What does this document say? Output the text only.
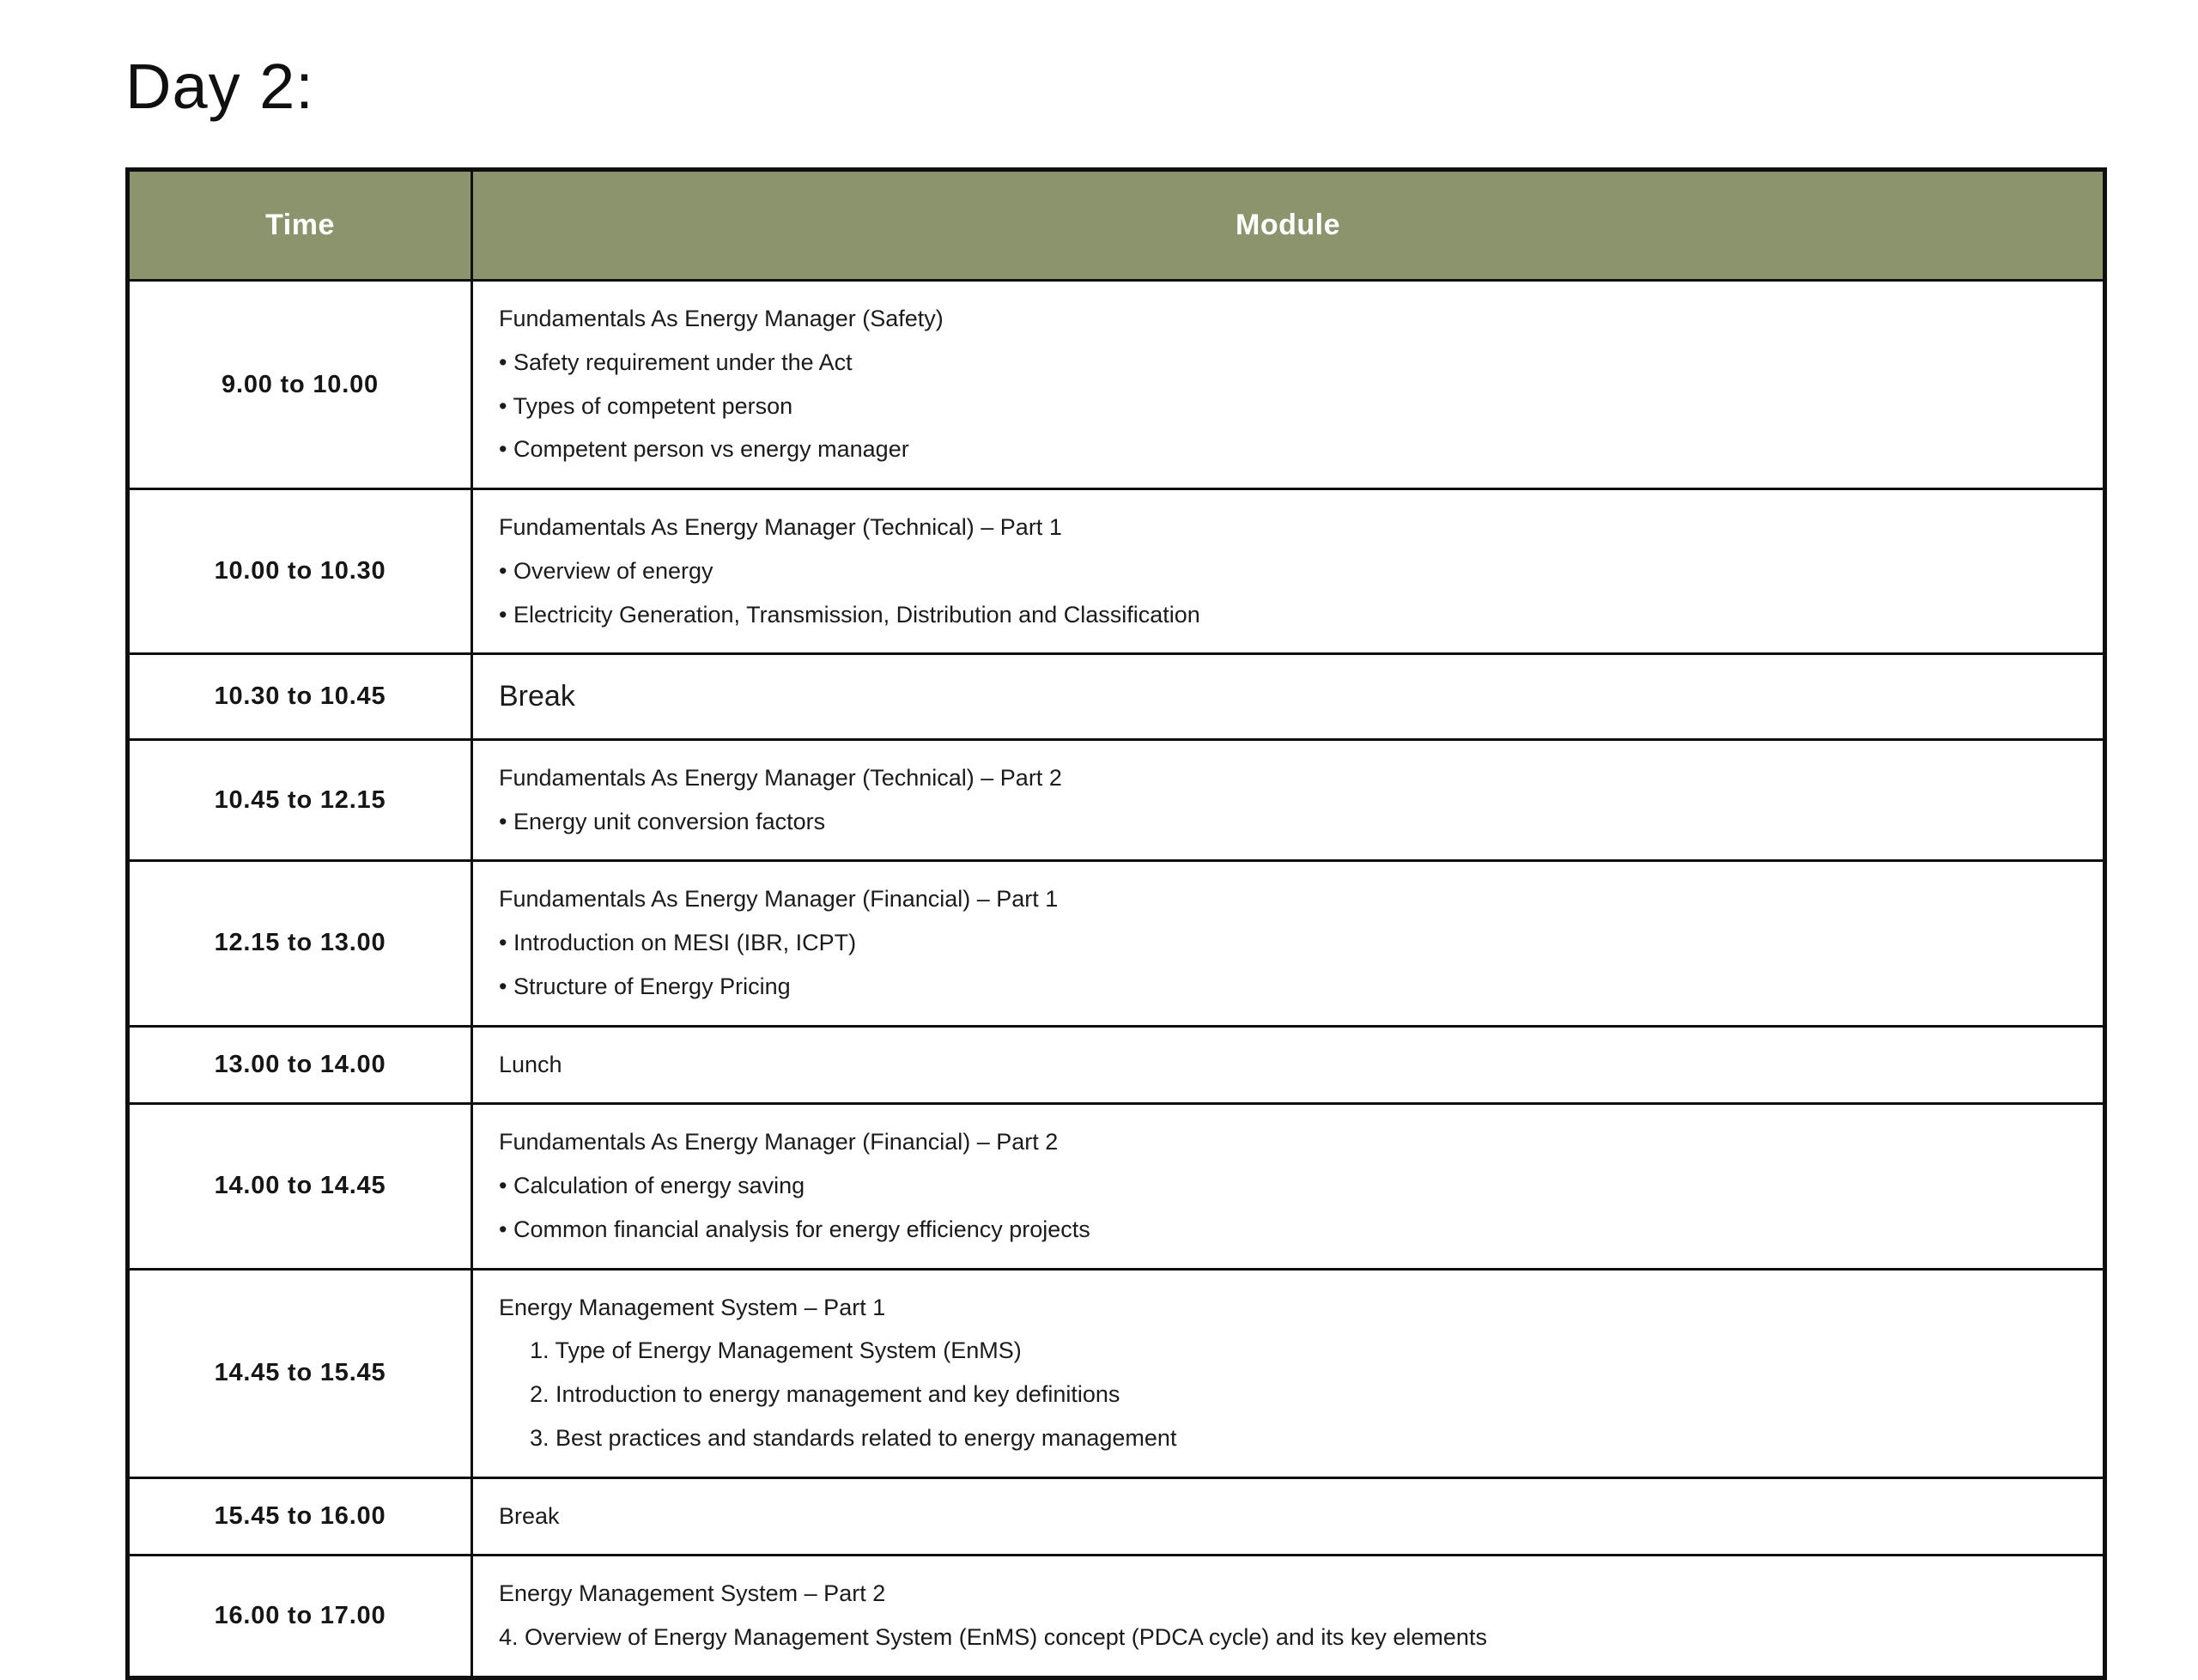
Day 2:
Time	Module
9.00 to 10.00	Fundamentals As Energy Manager (Safety)
• Safety requirement under the Act
• Types of competent person
• Competent person vs energy manager

10.00 to 10.30	Fundamentals As Energy Manager (Technical) – Part 1
• Overview of energy
• Electricity Generation, Transmission, Distribution and Classification

10.30 to 10.45	Break

10.45 to 12.15	Fundamentals As Energy Manager (Technical) – Part 2
• Energy unit conversion factors

12.15 to 13.00	Fundamentals As Energy Manager (Financial) – Part 1
• Introduction on MESI (IBR, ICPT)
• Structure of Energy Pricing

13.00 to 14.00	Lunch

14.00 to 14.45	Fundamentals As Energy Manager (Financial) – Part 2
• Calculation of energy saving
• Common financial analysis for energy efficiency projects

14.45 to 15.45	Energy Management System – Part 1
1. Type of Energy Management System (EnMS)
2. Introduction to energy management and key definitions
3. Best practices and standards related to energy management

15.45 to 16.00	Break

16.00 to 17.00	Energy Management System – Part 2
4. Overview of Energy Management System (EnMS) concept (PDCA cycle) and its key elements
